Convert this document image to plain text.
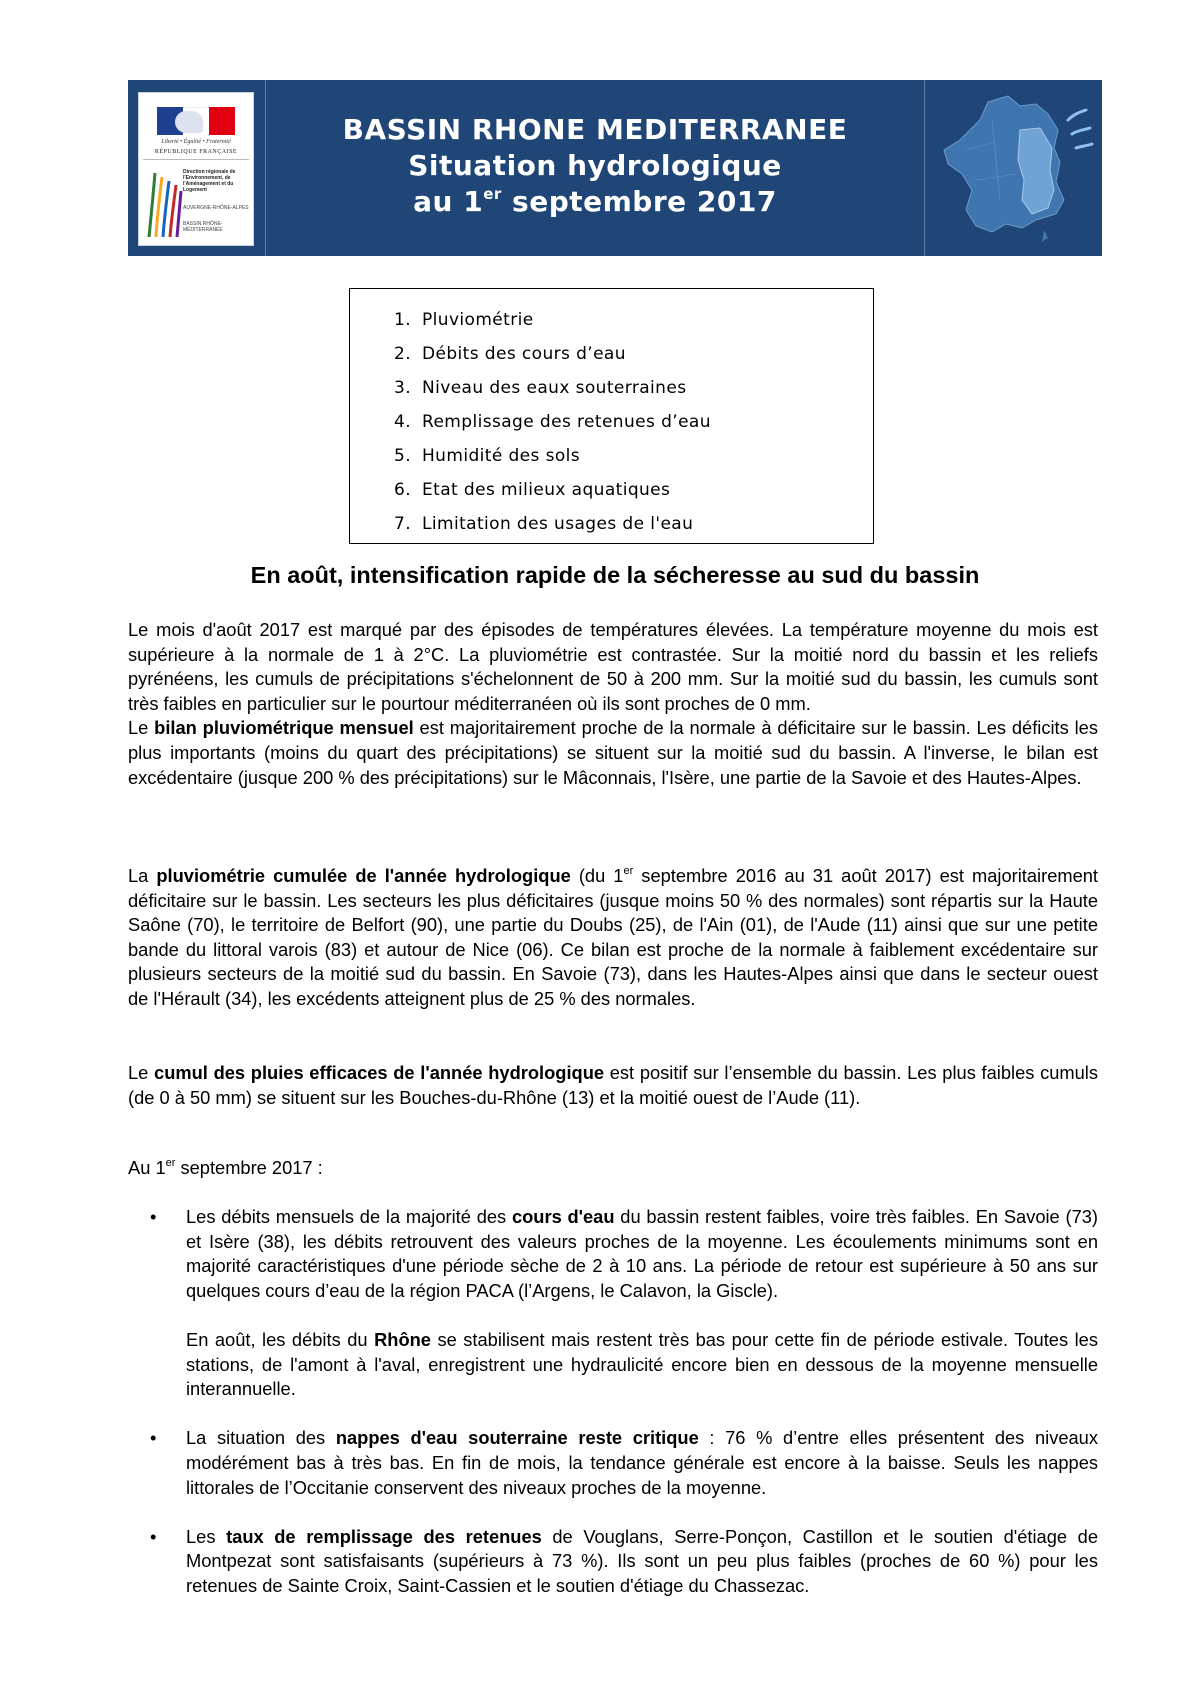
Liberté • Égalité • Fraternité
RÉPUBLIQUE FRANÇAISE
Direction régionale de l'Environnement, de l'Aménagement et du Logement
AUVERGNE-RHÔNE-ALPES
BASSIN RHÔNE-MÉDITERRANÉE
BASSIN RHONE MEDITERRANEE
Situation hydrologique
au 1er septembre 2017
1. Pluviométrie
2. Débits des cours d’eau
3. Niveau des eaux souterraines
4. Remplissage des retenues d’eau
5. Humidité des sols
6. Etat des milieux aquatiques
7. Limitation des usages de l'eau
En août, intensification rapide de la sécheresse au sud du bassin

Le mois d'août 2017 est marqué par des épisodes de températures élevées. La température moyenne du mois est supérieure à la normale de 1 à 2°C. La pluviométrie est contrastée. Sur la moitié nord du bassin et les reliefs pyrénéens, les cumuls de précipitations s'échelonnent de 50 à 200 mm. Sur la moitié sud du bassin, les cumuls sont très faibles en particulier sur le pourtour méditerranéen où ils sont proches de 0 mm.

Le bilan pluviométrique mensuel est majoritairement proche de la normale à déficitaire sur le bassin. Les déficits les plus importants (moins du quart des précipitations) se situent sur la moitié sud du bassin. A l'inverse, le bilan est excédentaire (jusque 200 % des précipitations) sur le Mâconnais, l'Isère, une partie de la Savoie et des Hautes-Alpes.

La pluviométrie cumulée de l'année hydrologique (du 1er septembre 2016 au 31 août 2017) est majoritairement déficitaire sur le bassin. Les secteurs les plus déficitaires (jusque moins 50 % des normales) sont répartis sur la Haute Saône (70), le territoire de Belfort (90), une partie du Doubs (25), de l'Ain (01), de l'Aude (11) ainsi que sur une petite bande du littoral varois (83) et autour de Nice (06). Ce bilan est proche de la normale à faiblement excédentaire sur plusieurs secteurs de la moitié sud du bassin. En Savoie (73), dans les Hautes-Alpes ainsi que dans le secteur ouest de l'Hérault (34), les excédents atteignent plus de 25 % des normales.

Le cumul des pluies efficaces de l'année hydrologique est positif sur l’ensemble du bassin. Les plus faibles cumuls (de 0 à 50 mm) se situent sur les Bouches-du-Rhône (13) et la moitié ouest de l’Aude (11).

Au 1er septembre 2017 :

• Les débits mensuels de la majorité des cours d'eau du bassin restent faibles, voire très faibles. En Savoie (73) et Isère (38), les débits retrouvent des valeurs proches de la moyenne. Les écoulements minimums sont en majorité caractéristiques d'une période sèche de 2 à 10 ans. La période de retour est supérieure à 50 ans sur quelques cours d’eau de la région PACA (l’Argens, le Calavon, la Giscle).

En août, les débits du Rhône se stabilisent mais restent très bas pour cette fin de période estivale. Toutes les stations, de l'amont à l'aval, enregistrent une hydraulicité encore bien en dessous de la moyenne mensuelle interannuelle.

• La situation des nappes d'eau souterraine reste critique : 76 % d’entre elles présentent des niveaux modérément bas à très bas. En fin de mois, la tendance générale est encore à la baisse. Seuls les nappes littorales de l’Occitanie conservent des niveaux proches de la moyenne.

• Les taux de remplissage des retenues de Vouglans, Serre-Ponçon, Castillon et le soutien d'étiage de Montpezat sont satisfaisants (supérieurs à 73 %). Ils sont un peu plus faibles (proches de 60 %) pour les retenues de Sainte Croix, Saint-Cassien et le soutien d'étiage du Chassezac.
